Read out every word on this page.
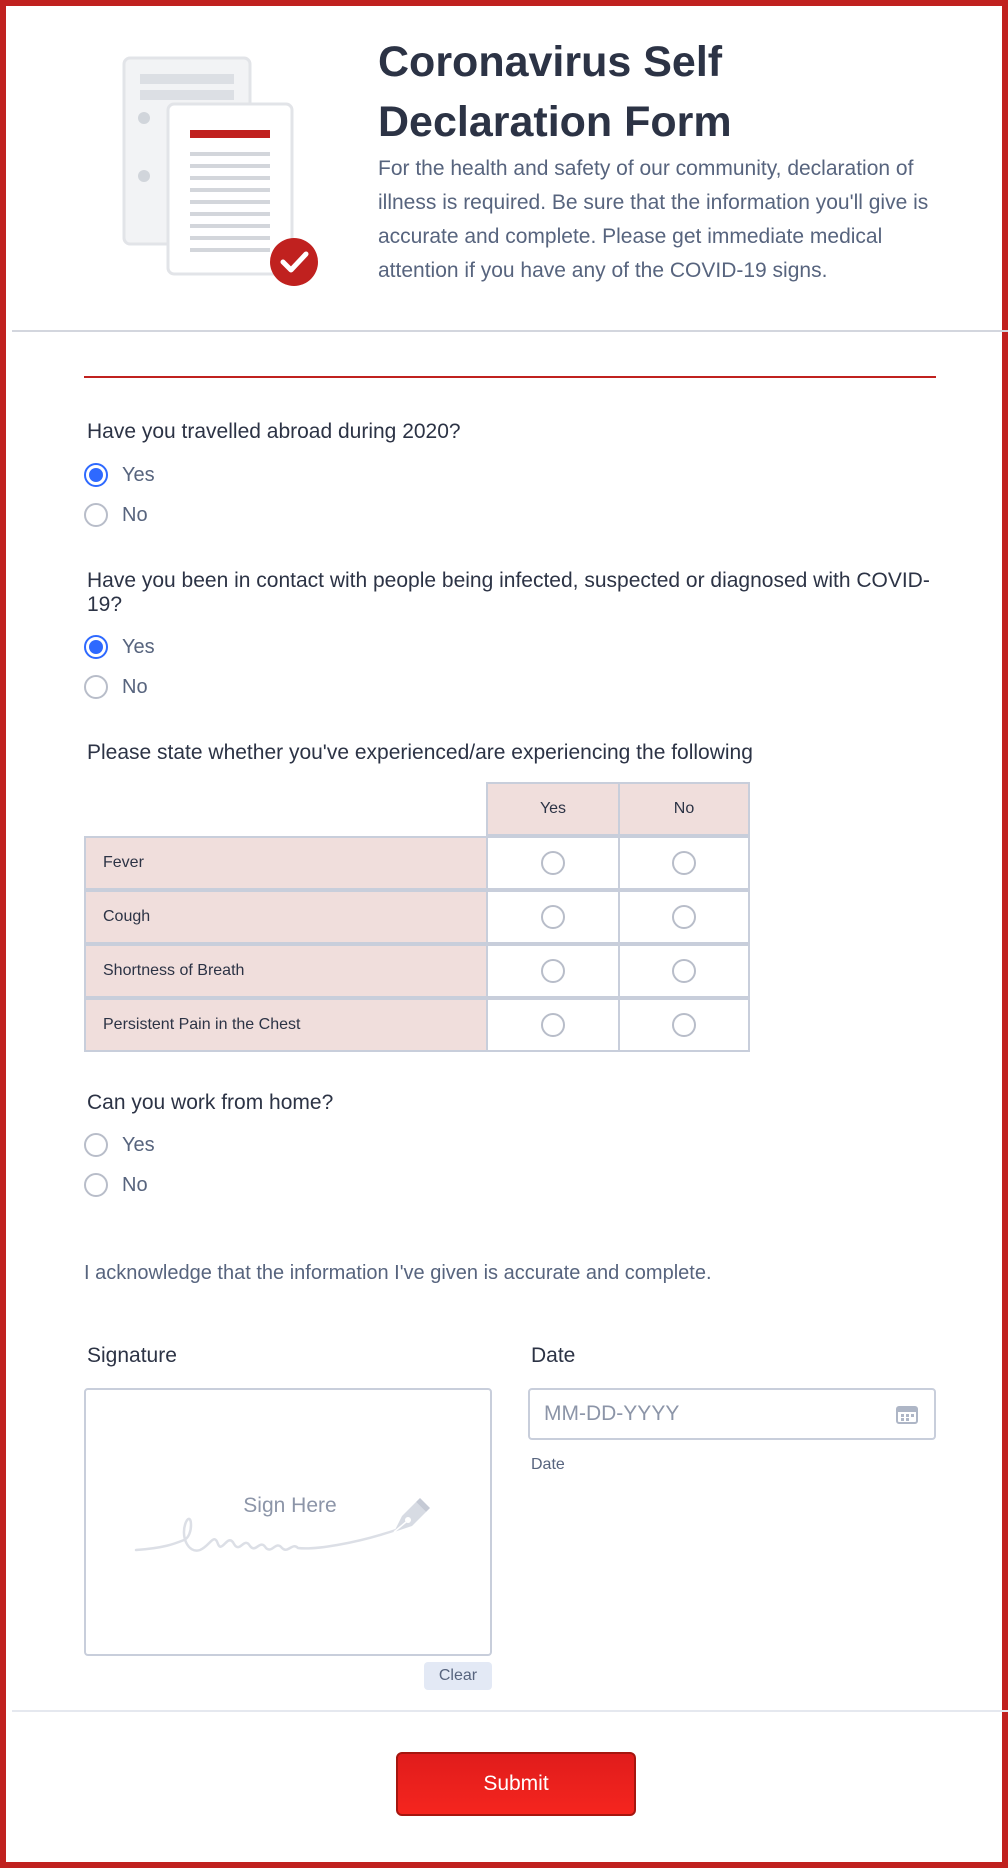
Coronavirus Self Declaration Form
For the health and safety of our community, declaration of illness is required. Be sure that the information you'll give is accurate and complete. Please get immediate medical attention if you have any of the COVID-19 signs.
Have you travelled abroad during 2020?
Yes
No
Have you been in contact with people being infected, suspected or diagnosed with COVID-19?
Yes
No
Please state whether you've experienced/are experiencing the following
Yes	No
Fever
Cough
Shortness of Breath
Persistent Pain in the Chest
Can you work from home?
Yes
No
I acknowledge that the information I've given is accurate and complete.
Signature
Sign Here
Clear
Date
MM-DD-YYYY
Date
Submit
